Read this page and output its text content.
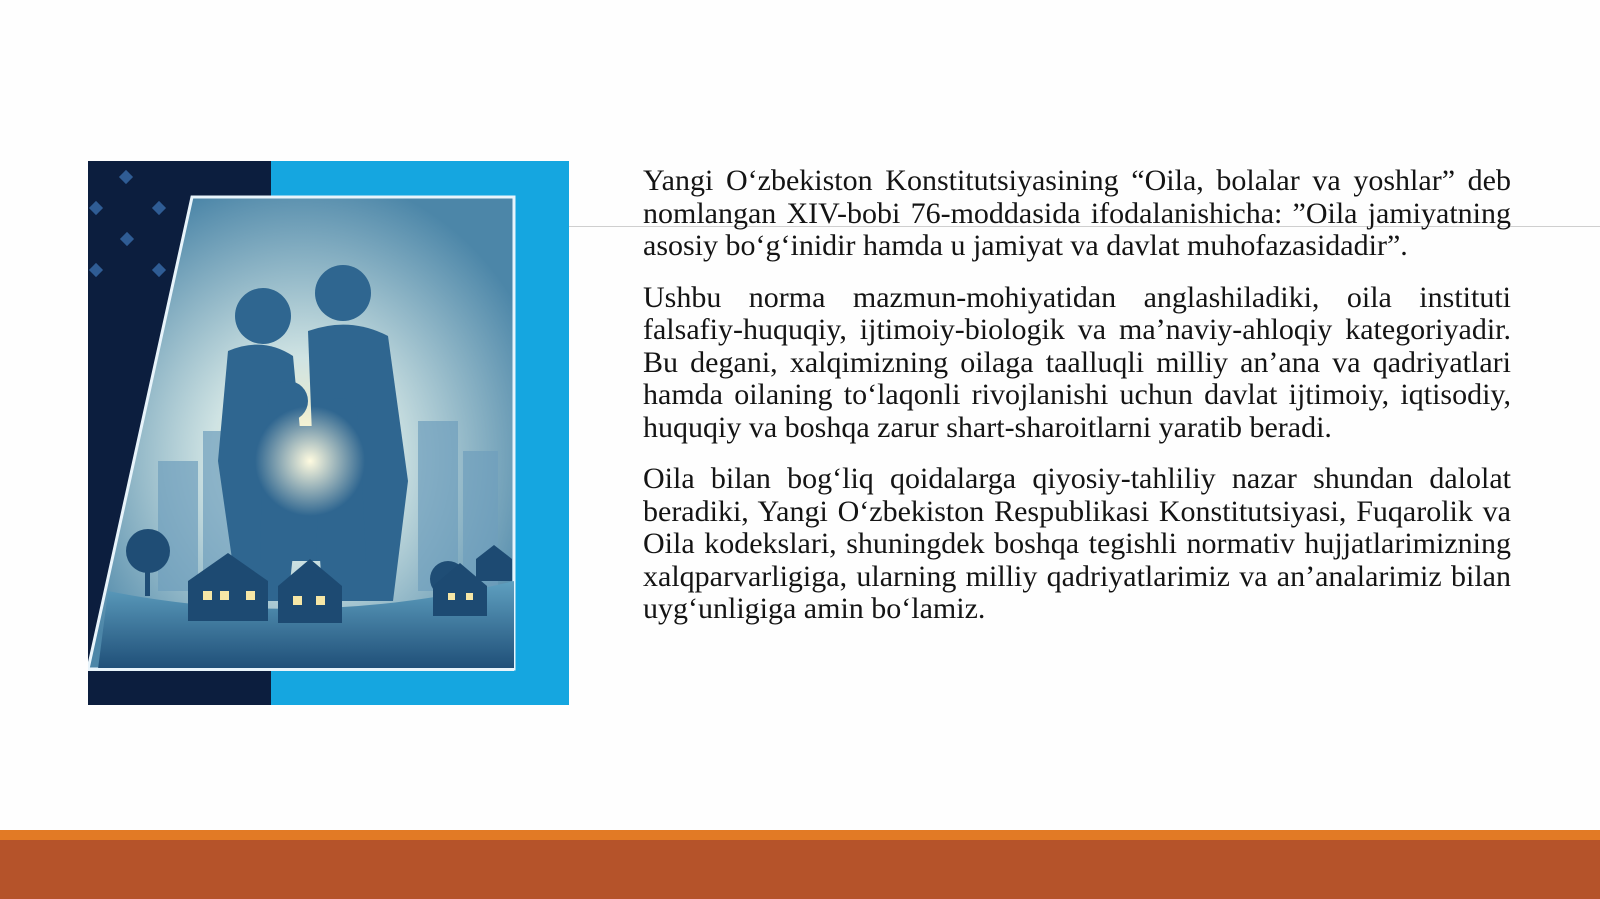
Yangi O‘zbekiston Konstitutsiyasining “Oila, bolalar va yoshlar” deb nomlangan XIV-bobi 76-moddasida ifodalanishicha: ”Oila jamiyatning asosiy bo‘g‘inidir hamda u jamiyat va davlat muhofazasidadir”.

Ushbu norma mazmun-mohiyatidan anglashiladiki, oila instituti falsafiy-huquqiy, ijtimoiy-biologik va ma’naviy-ahloqiy kategoriyadir. Bu degani, xalqimizning oilaga taalluqli milliy an’ana va qadriyatlari hamda oilaning to‘laqonli rivojlanishi uchun davlat ijtimoiy, iqtisodiy, huquqiy va boshqa zarur shart-sharoitlarni yaratib beradi.

Oila bilan bog‘liq qoidalarga qiyosiy-tahliliy nazar shundan dalolat beradiki, Yangi O‘zbekiston Respublikasi Konstitutsiyasi, Fuqarolik va Oila kodekslari, shuningdek boshqa tegishli normativ hujjatlarimizning xalqparvarligiga, ularning milliy qadriyatlarimiz va an’analarimiz bilan uyg‘unligiga amin bo‘lamiz.
